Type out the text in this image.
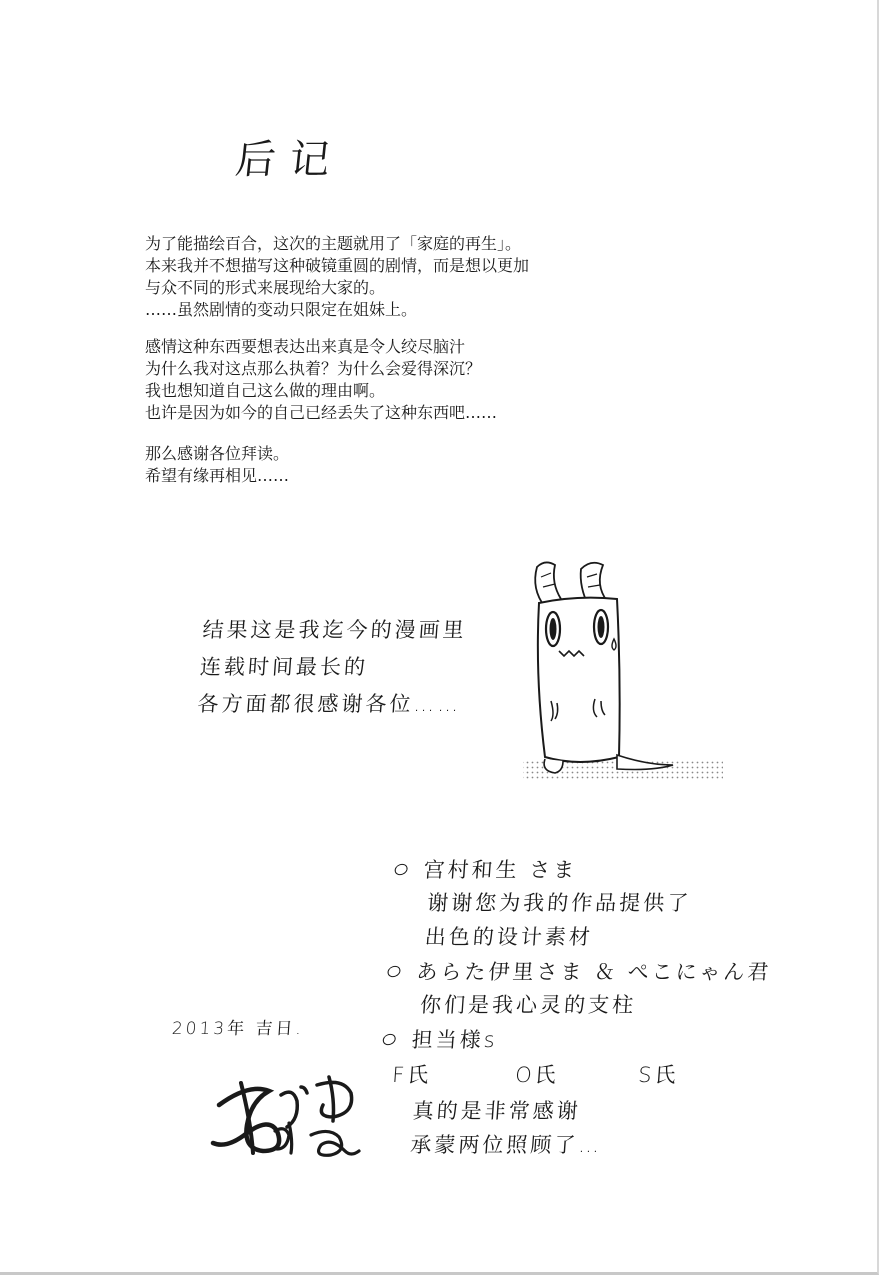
后记
为了能描绘百合，这次的主题就用了「家庭的再生」。
本来我并不想描写这种破镜重圆的剧情，而是想以更加
与众不同的形式来展现给大家的。
……虽然剧情的变动只限定在姐妹上。
感情这种东西要想表达出来真是令人绞尽脑汁
为什么我对这点那么执着？为什么会爱得深沉？
我也想知道自己这么做的理由啊。
也许是因为如今的自己已经丢失了这种东西吧……
那么感谢各位拜读。
希望有缘再相见……
结果这是我迄今的漫画里
连载时间最长的
各方面都很感谢各位……
宫村和生 さま
谢谢您为我的作品提供了
出色的设计素材
あらた伊里さま ＆ ぺこにゃん君
你们是我心灵的支柱
担当様s
F氏	O氏	S氏
真的是非常感谢
承蒙两位照顾了…
2013年 吉日.
